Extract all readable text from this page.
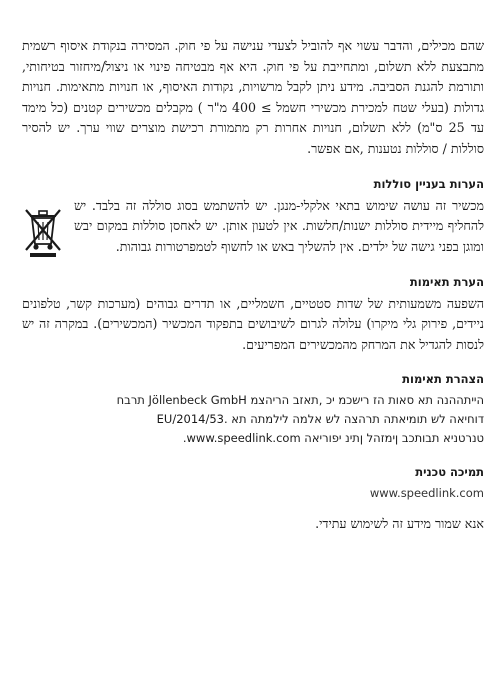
שהם מכילים, והדבר עשוי אף להוביל לצעדי ענישה על פי חוק. המסירה בנקודת איסוף רשמית מתבצעת ללא תשלום, ומתחייבת על פי חוק. היא אף מבטיחה פינוי או ניצול/מיחזור בטיחותי, ותורמת להגנת הסביבה. מידע ניתן לקבל מרשויות, נקודות האיסוף, או חנויות מתאימות. חנויות גדולות (בעלי שטח למכירת מכשירי חשמל ≥ 400 מ"ר ) מקבלים מכשירים קטנים (כל מימד עד 25 ס"מ) ללא תשלום, חנויות אחרות רק מתמורת רכישת מוצרים שווי ערך. יש להסיר סוללות / סוללות נטענות ,אם אפשר.

הערות בעניין סוללות

מכשיר זה עושה שימוש בתאי אלקלי-מנגן. יש להשתמש בסוג סוללה זה בלבד. יש להחליף מיידית סוללות ישנות/חלשות. אין לטעון אותן. יש לאחסן סוללות במקום יבש ומוגן בפני גישה של ילדים. אין להשליך באש או לחשוף לטמפרטורות גבוהות.

הערת תאימות

השפעה משמעותית של שדות סטטיים, חשמליים, או תדרים גבוהים (מערכות קשר, טלפונים ניידים, פירוק גלי מיקרו) עלולה לגרום לשיבושים בתפקוד המכשיר (המכשירים). במקרה זה יש לנסות להגדיל את המרחק מהמכשירים המפריעים.

הצהרת תאימות

הייתההנה תא סאות הז רישכמ יכ ,תאזב הריהצמ Jöllenbeck GmbH תרבח

דוחיאה לש תומיאתה תרהצה לש אלמה לילמתה תא .2014/53/EU

טנרטניא תבותכב ןימזהל ןתינ יפוריאה www.speedlink.com.

תמיכה טכנית

www.speedlink.com

אנא שמור מידע זה לשימוש עתידי.
